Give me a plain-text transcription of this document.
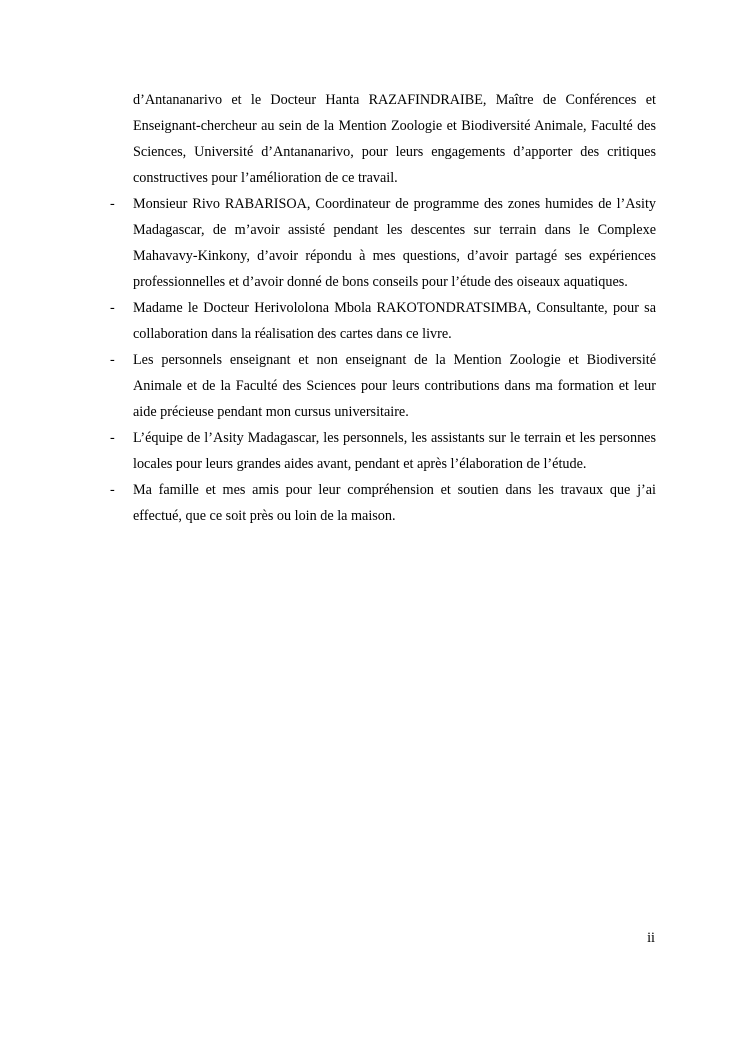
d’Antananarivo et le Docteur Hanta RAZAFINDRAIBE, Maître de Conférences et Enseignant-chercheur au sein de la Mention Zoologie et Biodiversité Animale, Faculté des Sciences, Université d’Antananarivo, pour leurs engagements d’apporter des critiques constructives pour l’amélioration de ce travail.

-	Monsieur Rivo RABARISOA, Coordinateur de programme des zones humides de l’Asity Madagascar, de m’avoir assisté pendant les descentes sur terrain dans le Complexe Mahavavy-Kinkony, d’avoir répondu à mes questions, d’avoir partagé ses expériences professionnelles et d’avoir donné de bons conseils pour l’étude des oiseaux aquatiques.

-	Madame le Docteur Herivololona Mbola RAKOTONDRATSIMBA, Consultante, pour sa collaboration dans la réalisation des cartes dans ce livre.

-	Les personnels enseignant et non enseignant de la Mention Zoologie et Biodiversité Animale et de la Faculté des Sciences pour leurs contributions dans ma formation et leur aide précieuse pendant mon cursus universitaire.

-	L’équipe de l’Asity Madagascar, les personnels, les assistants sur le terrain et les personnes locales pour leurs grandes aides avant, pendant et après l’élaboration de l’étude.

-	Ma famille et mes amis pour leur compréhension et soutien dans les travaux que j’ai effectué, que ce soit près ou loin de la maison.

ii
